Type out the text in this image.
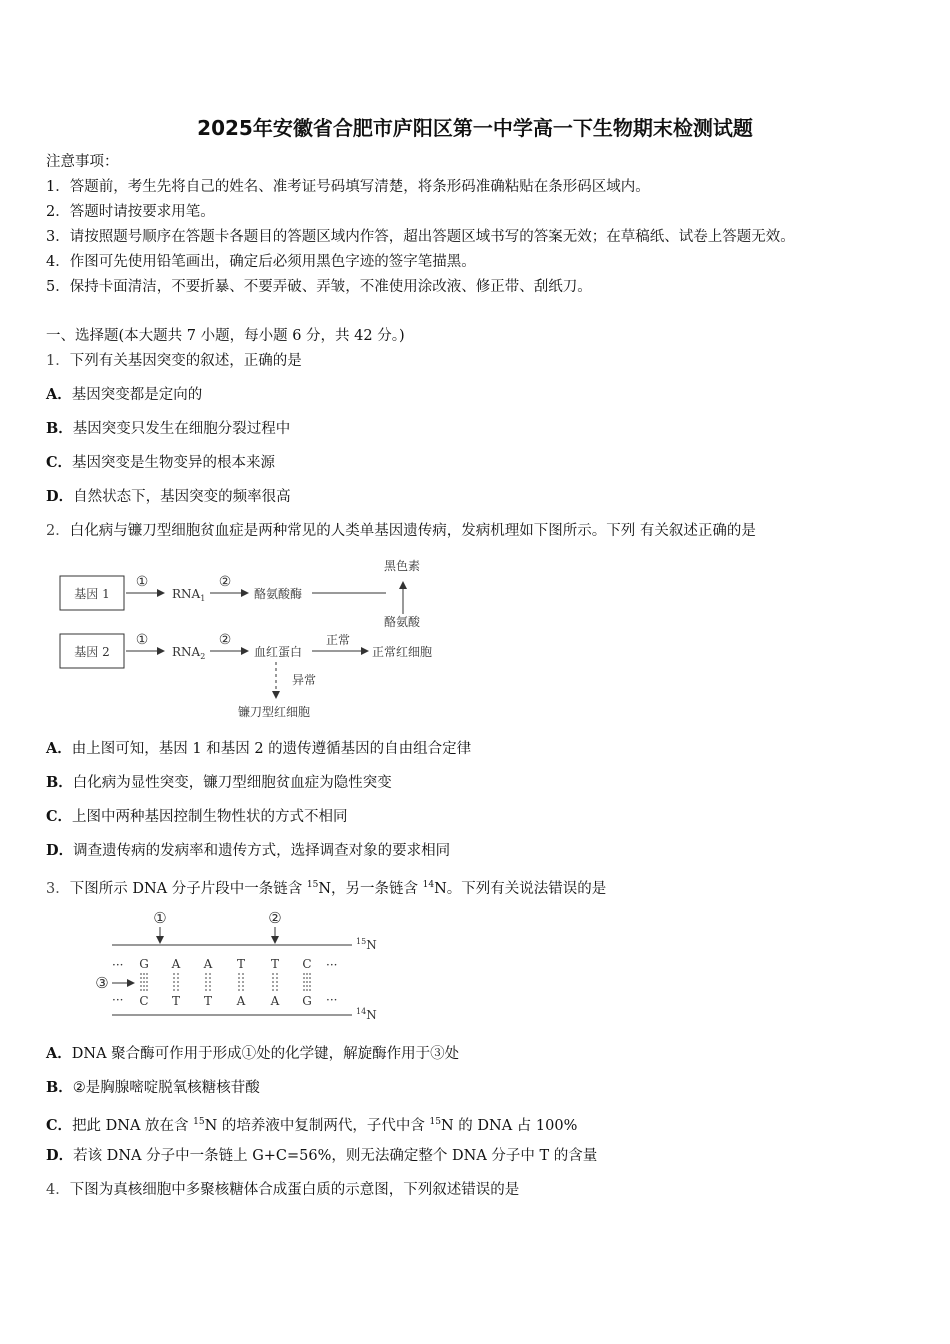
2025年安徽省合肥市庐阳区第一中学高一下生物期末检测试题
注意事项：
1．答题前，考生先将自己的姓名、准考证号码填写清楚，将条形码准确粘贴在条形码区域内。
2．答题时请按要求用笔。
3．请按照题号顺序在答题卡各题目的答题区域内作答，超出答题区域书写的答案无效；在草稿纸、试卷上答题无效。
4．作图可先使用铅笔画出，确定后必须用黑色字迹的签字笔描黑。
5．保持卡面清洁，不要折暴、不要弄破、弄皱，不准使用涂改液、修正带、刮纸刀。
一、选择题(本大题共 7 小题，每小题 6 分，共 42 分。)
1．下列有关基因突变的叙述，正确的是
A．基因突变都是定向的
B．基因突变只发生在细胞分裂过程中
C．基因突变是生物变异的根本来源
D．自然状态下，基因突变的频率很高
2．白化病与镰刀型细胞贫血症是两种常见的人类单基因遗传病，发病机理如下图所示。下列 有关叙述正确的是
基因 1
①
$RNA_1$
②
酪氨酸酶
黑色素
酪氨酸
基因 2
①
$RNA_2$
②
血红蛋白
正常
正常红细胞
异常
镰刀型红细胞
A．由上图可知，基因 1 和基因 2 的遗传遵循基因的自由组合定律
B．白化病为显性突变，镰刀型细胞贫血症为隐性突变
C．上图中两种基因控制生物性状的方式不相同
D．调查遗传病的发病率和遗传方式，选择调查对象的要求相同
3．下图所示 DNA 分子片段中一条链含 $^{15}$N，另一条链含 $^{14}$N。下列有关说法错误的是
①	②
···	···
···	···
G A A T T C
C T T A A G
③
$^{15}$N
$^{14}$N
A．DNA 聚合酶可作用于形成①处的化学键，解旋酶作用于③处
B．②是胸腺嘧啶脱氧核糖核苷酸
C．把此 DNA 放在含 $^{15}$N 的培养液中复制两代，子代中含 $^{15}$N 的 DNA 占 100%
D．若该 DNA 分子中一条链上 G+C=56%，则无法确定整个 DNA 分子中 T 的含量
4．下图为真核细胞中多聚核糖体合成蛋白质的示意图，下列叙述错误的是
